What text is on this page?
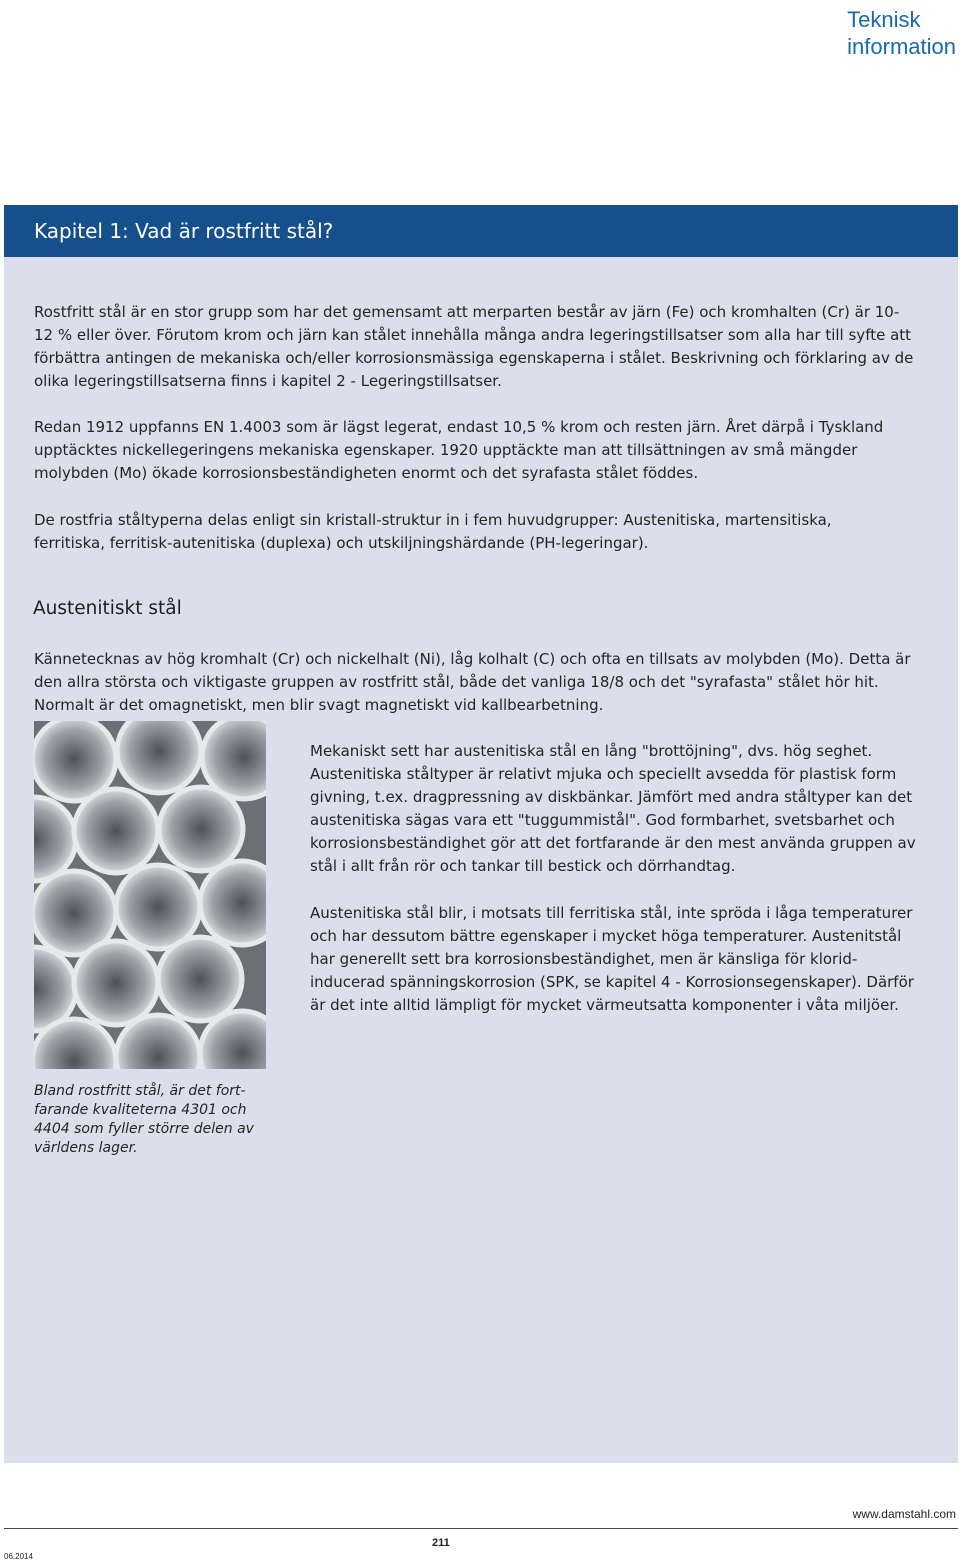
Teknisk
information
Kapitel 1: Vad är rostfritt stål?

Rostfritt stål är en stor grupp som har det gemensamt att merparten består av järn (Fe) och kromhalten (Cr) är 10-12 % eller över. Förutom krom och järn kan stålet innehålla många andra legeringstillsatser som alla har till syfte att förbättra antingen de mekaniska och/eller korrosionsmässiga egenskaperna i stålet. Beskrivning och förklaring av de olika legeringstillsatserna finns i kapitel 2 - Legeringstillsatser.

Redan 1912 uppfanns EN 1.4003 som är lägst legerat, endast 10,5 % krom och resten järn. Året därpå i Tyskland upptäcktes nickellegeringens mekaniska egenskaper. 1920 upptäckte man att tillsättningen av små mängder molybden (Mo) ökade korrosionsbeständigheten enormt och det syrafasta stålet föddes.

De rostfria ståltyperna delas enligt sin kristall-struktur in i fem huvudgrupper: Austenitiska, martensitiska, ferritiska, ferritisk-autenitiska (duplexa) och utskiljningshärdande (PH-legeringar).

Austenitiskt stål

Kännetecknas av hög kromhalt (Cr) och nickelhalt (Ni), låg kolhalt (C) och ofta en tillsats av molybden (Mo). Detta är den allra största och viktigaste gruppen av rostfritt stål, både det vanliga 18/8 och det "syrafasta" stålet hör hit. Normalt är det omagnetiskt, men blir svagt magnetiskt vid kallbearbetning.

Mekaniskt sett har austenitiska stål en lång "brottöjning", dvs. hög seghet. Austenitiska ståltyper är relativt mjuka och speciellt avsedda för plastisk form givning, t.ex. dragpressning av diskbänkar. Jämfört med andra ståltyper kan det austenitiska sägas vara ett "tuggummistål". God formbarhet, svetsbarhet och korrosionsbeständighet gör att det fortfarande är den mest använda gruppen av stål i allt från rör och tankar till bestick och dörrhandtag.

Austenitiska stål blir, i motsats till ferritiska stål, inte spröda i låga temperaturer och har dessutom bättre egenskaper i mycket höga temperaturer. Austenitstål har generellt sett bra korrosionsbeständighet, men är känsliga för klorid-inducerad spänningskorrosion (SPK, se kapitel 4 - Korrosionsegenskaper). Därför är det inte alltid lämpligt för mycket värmeutsatta komponenter i våta miljöer.

Bland rostfritt stål, är det fort-farande kvaliteterna 4301 och 4404 som fyller större delen av världens lager.

www.damstahl.com
211
06.2014
